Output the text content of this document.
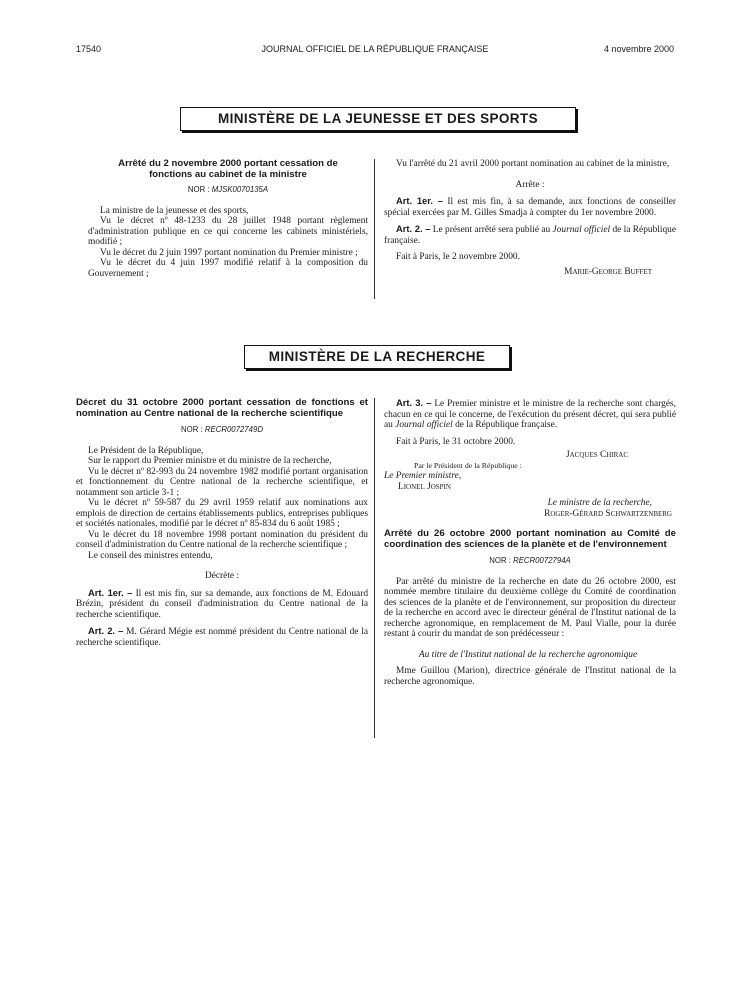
17540	JOURNAL OFFICIEL DE LA RÉPUBLIQUE FRANÇAISE	4 novembre 2000
MINISTÈRE DE LA JEUNESSE ET DES SPORTS
Arrêté du 2 novembre 2000 portant cessation de fonctions au cabinet de la ministre

NOR : MJSK0070135A

La ministre de la jeunesse et des sports,

Vu le décret nº 48-1233 du 28 juillet 1948 portant règlement d'administration publique en ce qui concerne les cabinets ministériels, modifié ;

Vu le décret du 2 juin 1997 portant nomination du Premier ministre ;

Vu le décret du 4 juin 1997 modifié relatif à la composition du Gouvernement ;

Vu l'arrêté du 21 avril 2000 portant nomination au cabinet de la ministre,

Arrête :

Art. 1er. – Il est mis fin, à sa demande, aux fonctions de conseiller spécial exercées par M. Gilles Smadja à compter du 1er novembre 2000.

Art. 2. – Le présent arrêté sera publié au Journal officiel de la République française.

Fait à Paris, le 2 novembre 2000.

Marie-George Buffet

MINISTÈRE DE LA RECHERCHE
Décret du 31 octobre 2000 portant cessation de fonctions et nomination au Centre national de la recherche scientifique

NOR : RECR0072749D

Le Président de la République,

Sur le rapport du Premier ministre et du ministre de la recherche,

Vu le décret nº 82-993 du 24 novembre 1982 modifié portant organisation et fonctionnement du Centre national de la recherche scientifique, et notamment son article 3-1 ;

Vu le décret nº 59-587 du 29 avril 1959 relatif aux nominations aux emplois de direction de certains établissements publics, entreprises publiques et sociétés nationales, modifié par le décret nº 85-834 du 6 août 1985 ;

Vu le décret du 18 novembre 1998 portant nomination du président du conseil d'administration du Centre national de la recherche scientifique ;

Le conseil des ministres entendu,

Décrète :

Art. 1er. – Il est mis fin, sur sa demande, aux fonctions de M. Edouard Brézin, président du conseil d'administration du Centre national de la recherche scientifique.

Art. 2. – M. Gérard Mégie est nommé président du Centre national de la recherche scientifique.

Art. 3. – Le Premier ministre et le ministre de la recherche sont chargés, chacun en ce qui le concerne, de l'exécution du présent décret, qui sera publié au Journal officiel de la République française.

Fait à Paris, le 31 octobre 2000.

Jacques Chirac

Par le Président de la République :

Le Premier ministre,

Lionel Jospin

Le ministre de la recherche,

Roger-Gérard Schwartzenberg

Arrêté du 26 octobre 2000 portant nomination au Comité de coordination des sciences de la planète et de l'environnement

NOR : RECR0072794A

Par arrêté du ministre de la recherche en date du 26 octobre 2000, est nommée membre titulaire du deuxième collège du Comité de coordination des sciences de la planète et de l'environnement, sur proposition du directeur de la recherche en accord avec le directeur général de l'Institut national de la recherche agronomique, en remplacement de M. Paul Vialle, pour la durée restant à courir du mandat de son prédécesseur :

Au titre de l'Institut national de la recherche agronomique

Mme Guillou (Marion), directrice générale de l'Institut national de la recherche agronomique.
